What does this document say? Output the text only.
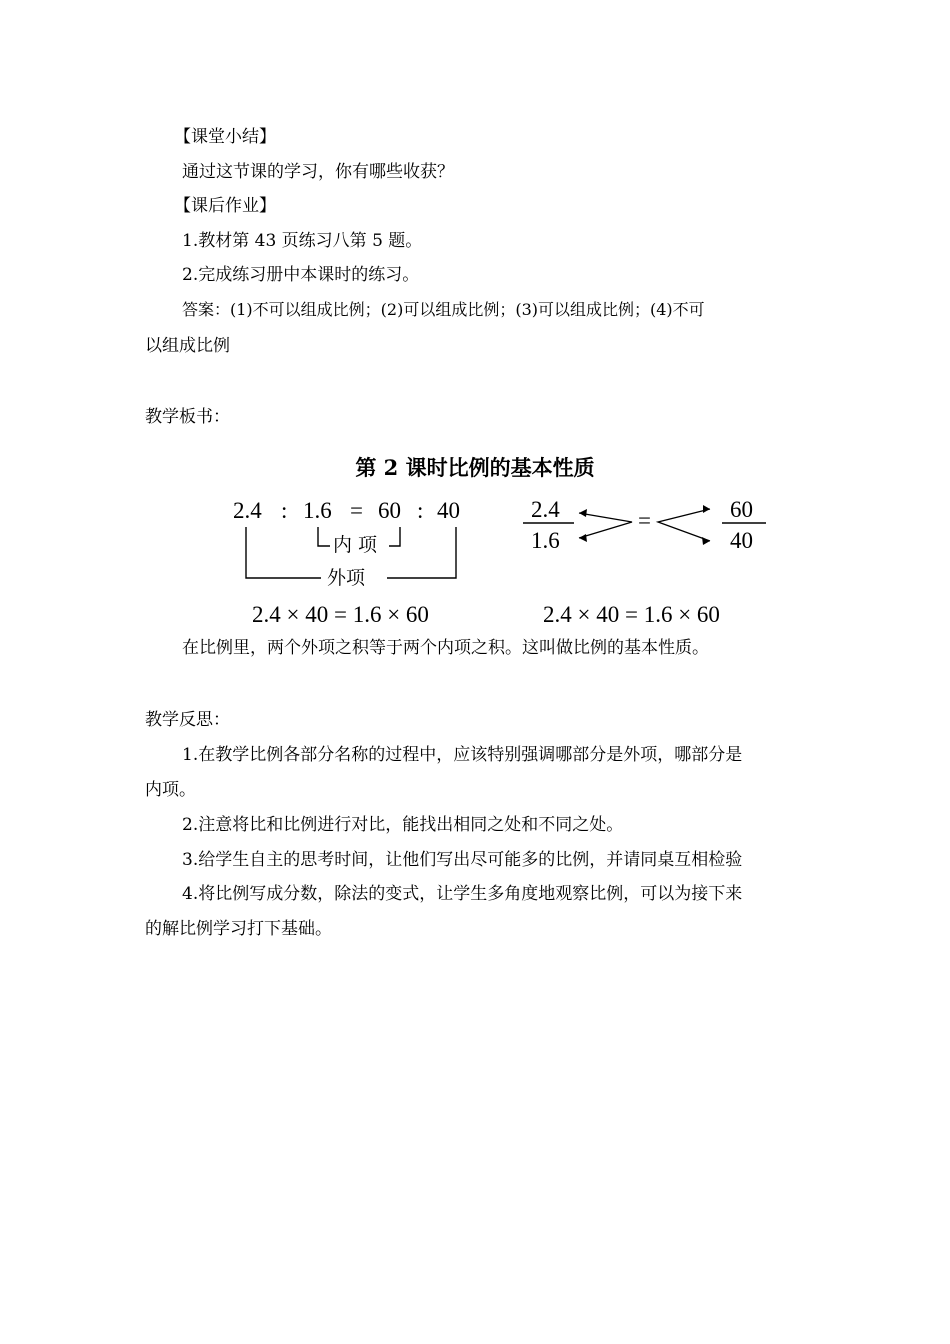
【课堂小结】
通过这节课的学习，你有哪些收获？
【课后作业】
1.教材第 43 页练习八第 5 题。
2.完成练习册中本课时的练习。
答案：(1)不可以组成比例；(2)可以组成比例；(3)可以组成比例；(4)不可
以组成比例
教学板书：
第 2 课时比例的基本性质
2.4 : 1.6 = 60 : 40
内 项
外项
2.4
1.6
=	60
40
2.4 × 40 = 1.6 × 60	2.4 × 40 = 1.6 × 60
在比例里，两个外项之积等于两个内项之积。这叫做比例的基本性质。
教学反思：
1.在教学比例各部分名称的过程中，应该特别强调哪部分是外项，哪部分是
内项。
2.注意将比和比例进行对比，能找出相同之处和不同之处。
3.给学生自主的思考时间，让他们写出尽可能多的比例，并请同桌互相检验
4.将比例写成分数，除法的变式，让学生多角度地观察比例，可以为接下来
的解比例学习打下基础。
